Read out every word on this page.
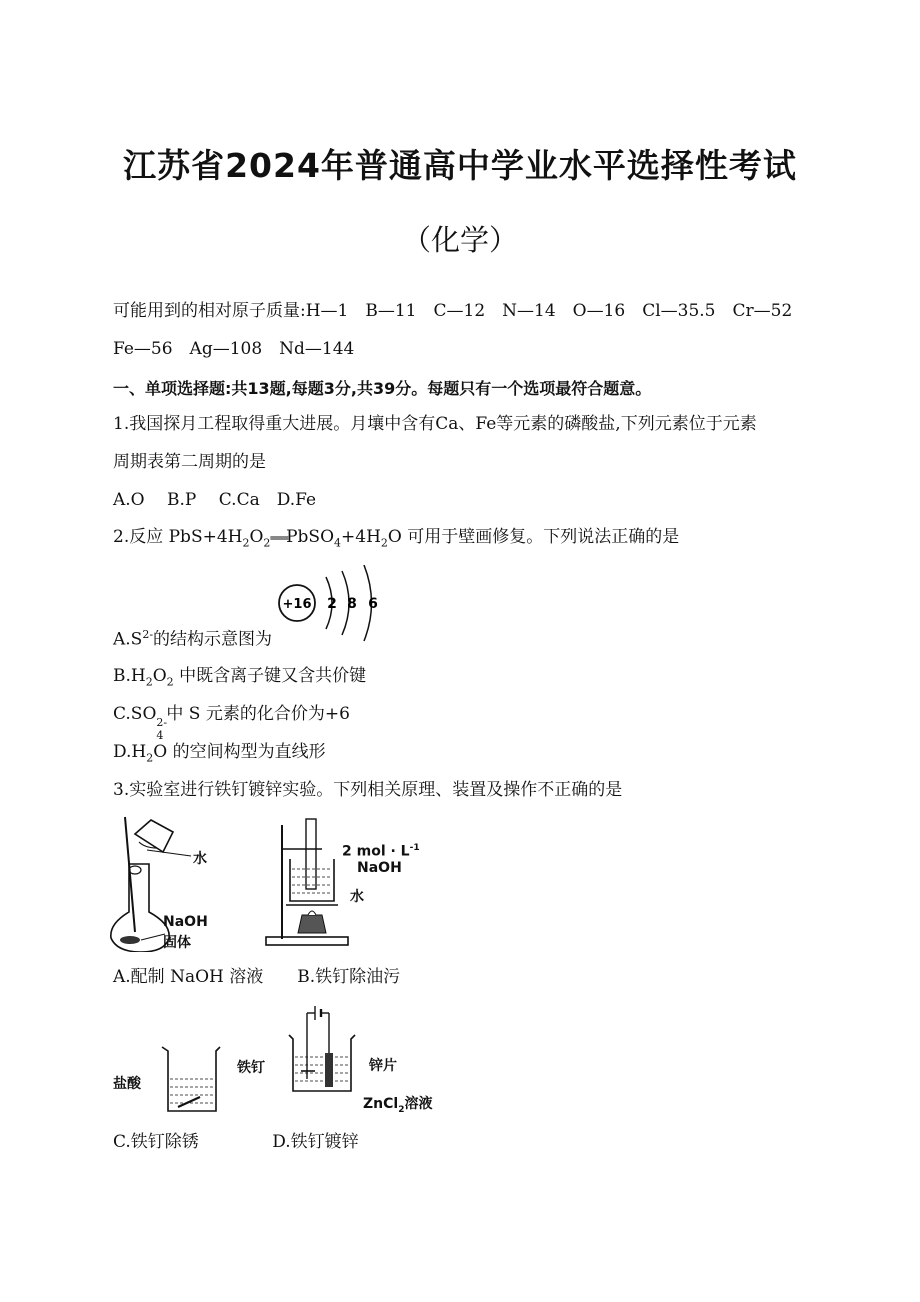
江苏省2024年普通高中学业水平选择性考试
（化学）
可能用到的相对原子质量:H—1　B—11　C—12　N—14　O—16　Cl—35.5　Cr—52
Fe—56　Ag—108　Nd—144
一、单项选择题:共13题,每题3分,共39分。每题只有一个选项最符合题意。
1.我国探月工程取得重大进展。月壤中含有Ca、Fe等元素的磷酸盐,下列元素位于元素
周期表第二周期的是
A.O　 B.P　 C.Ca　D.Fe
2.反应 $PbS+4H_2O_2═══PbSO_4+4H_2O$ 可用于壁画修复。下列说法正确的是
+16 2 8 6
$A.S^{2-}$的结构示意图为
$B.H_2O_2$ 中既含离子键又含共价键
C.SO 2-
4
中 S 元素的化合价为+6
$D.H_2O$ 的空间构型为直线形
3.实验室进行铁钉镀锌实验。下列相关原理、装置及操作不正确的是
水
NaOH
固体
2 mol · $L^{-1}$
NaOH
水
A.配制 NaOH 溶液　　B.铁钉除油污
盐酸
铁钉	锌片
ZnCl$_2$溶液
C.铁钉除锈　　　　 D.铁钉镀锌
